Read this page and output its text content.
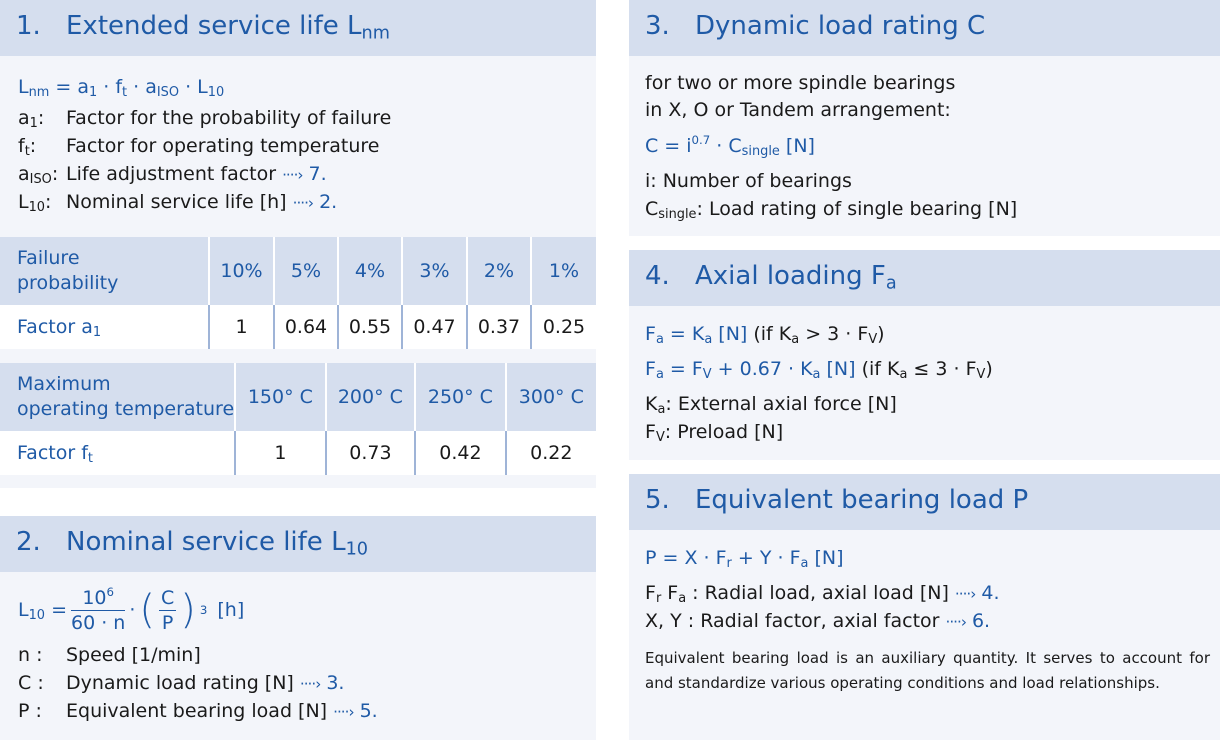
1. Extended service life $L_{nm}$
$L_{nm} = a_1 \cdot f_t \cdot a_{ISO} \cdot L_{10}$
$a_1$: Factor for the probability of failure
$f_t$: Factor for operating temperature
$a_{ISO}$: Life adjustment factor ····› 7.
$L_{10}$: Nominal service life [h] ····› 2.
Failure probability	10%	5%	4%	3%	2%	1%
Factor $a_1$	1	0.64	0.55	0.47	0.37	0.25
Maximum
operating temperature	150° C	200° C	250° C	300° C
Factor $f_t$	1	0.73	0.42	0.22
2. Nominal service life $L_{10}$
$L_{10} = \frac{10^6}{60 \cdot n}$ · ( $\frac{C}{P}$ ) 3 [h]
n : Speed [1/min]
C : Dynamic load rating [N] ····› 3.
P : Equivalent bearing load [N] ····› 5.
3. Dynamic load rating C
for two or more spindle bearings
in X, O or Tandem arrangement:
$C = i^{0.7} \cdot C_{single}$ [N]
i: Number of bearings
$C_{single}$: Load rating of single bearing [N]
4. Axial loading $F_a$
$F_a = K_a$ [N] (if $K_a > 3 \cdot F_V$)
$F_a = F_V + 0.67 \cdot K_a$ [N] (if $K_a \le 3 \cdot F_V$)
$K_a$: External axial force [N]
$F_V$: Preload [N]
5. Equivalent bearing load P
$P = X \cdot F_r + Y \cdot F_a$ [N]
$F_r$ $F_a$ : Radial load, axial load [N] ····› 4.
X, Y : Radial factor, axial factor ····› 6.
Equivalent bearing load is an auxiliary quantity. It serves to account for and standardize various operating conditions and load relationships.
